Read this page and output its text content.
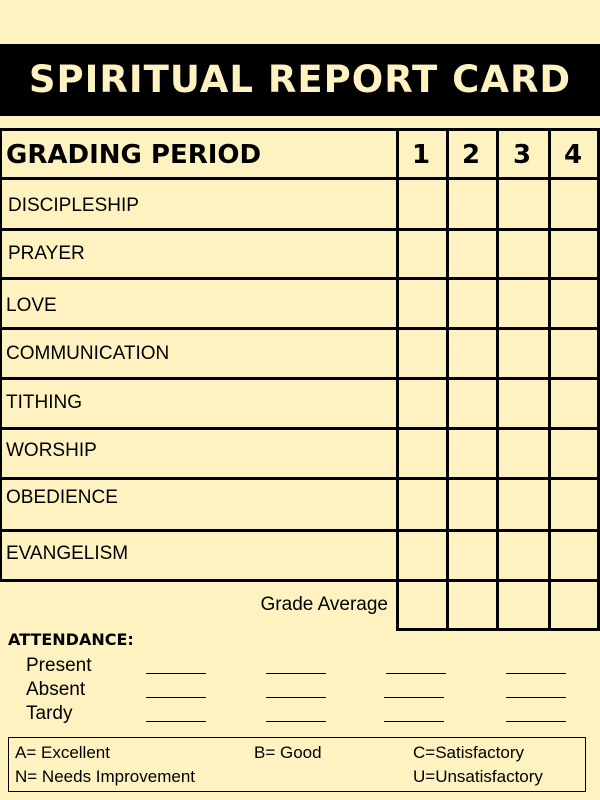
SPIRITUAL REPORT CARD
GRADING PERIOD	1	2	3	4
DISCIPLESHIP
PRAYER
LOVE
COMMUNICATION
TITHING
WORSHIP
OBEDIENCE
EVANGELISM
Grade Average
ATTENDANCE:
Present
Absent
Tardy
A= Excellent	B= Good	C=Satisfactory
N= Needs Improvement	U=Unsatisfactory
